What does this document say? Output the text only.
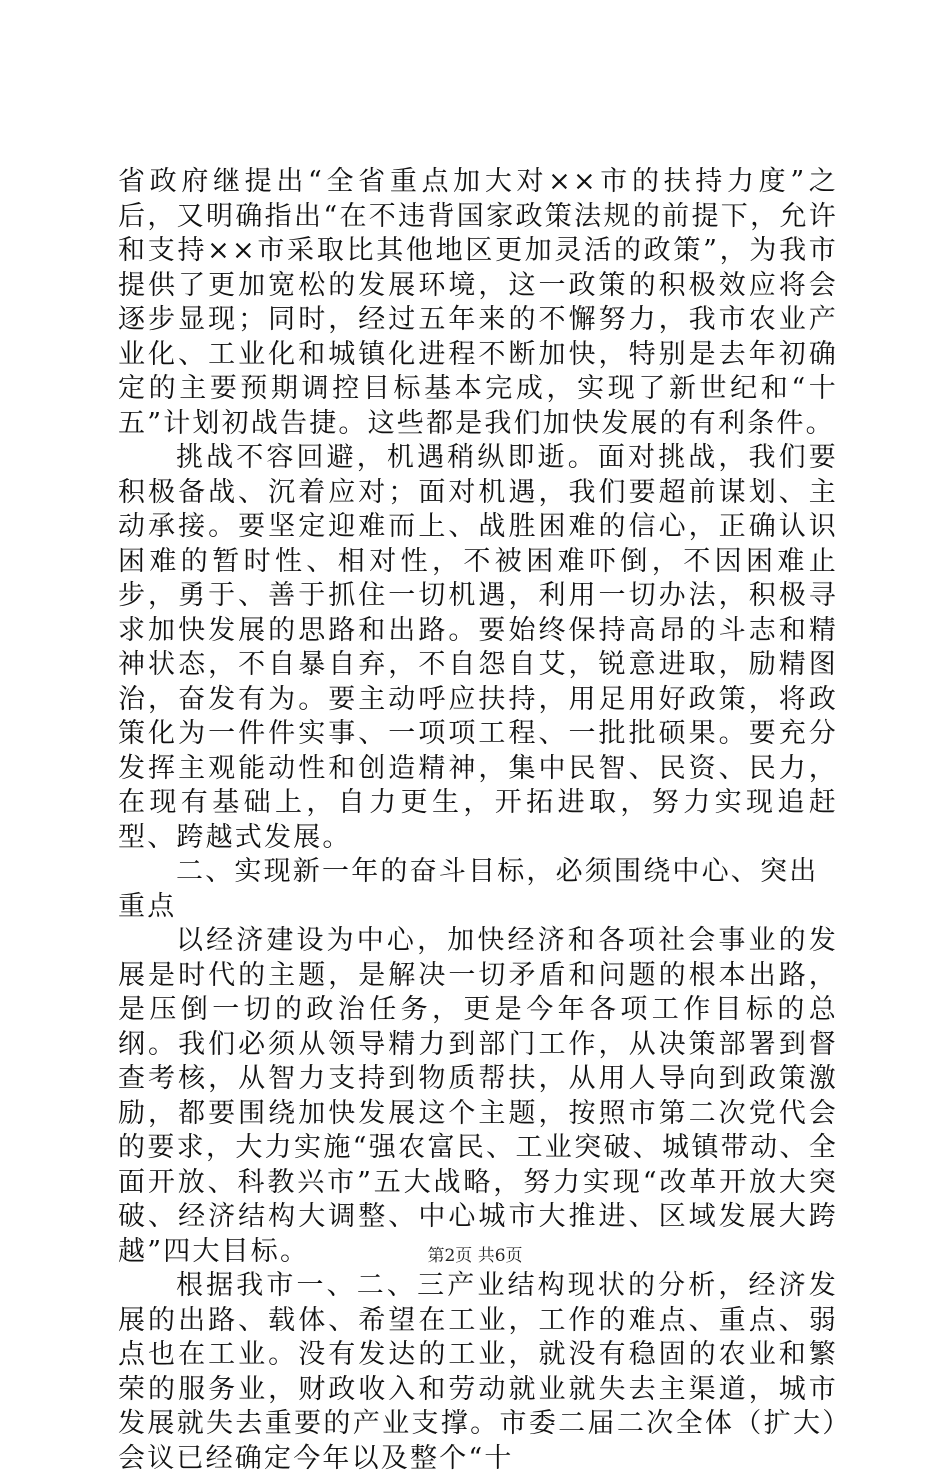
省政府继提出“全省重点加大对××市的扶持力度”之后，又明确指出“在不违背国家政策法规的前提下，允许和支持××市采取比其他地区更加灵活的政策”，为我市提供了更加宽松的发展环境，这一政策的积极效应将会逐步显现；同时，经过五年来的不懈努力，我市农业产业化、工业化和城镇化进程不断加快，特别是去年初确定的主要预期调控目标基本完成，实现了新世纪和“十五”计划初战告捷。这些都是我们加快发展的有利条件。

挑战不容回避，机遇稍纵即逝。面对挑战，我们要积极备战、沉着应对；面对机遇，我们要超前谋划、主动承接。要坚定迎难而上、战胜困难的信心，正确认识困难的暂时性、相对性，不被困难吓倒，不因困难止步，勇于、善于抓住一切机遇，利用一切办法，积极寻求加快发展的思路和出路。要始终保持高昂的斗志和精神状态，不自暴自弃，不自怨自艾，锐意进取，励精图治，奋发有为。要主动呼应扶持，用足用好政策，将政策化为一件件实事、一项项工程、一批批硕果。要充分发挥主观能动性和创造精神，集中民智、民资、民力，在现有基础上，自力更生，开拓进取，努力实现追赶型、跨越式发展。

二、实现新一年的奋斗目标，必须围绕中心、突出重点

以经济建设为中心，加快经济和各项社会事业的发展是时代的主题，是解决一切矛盾和问题的根本出路，是压倒一切的政治任务，更是今年各项工作目标的总纲。我们必须从领导精力到部门工作，从决策部署到督查考核，从智力支持到物质帮扶，从用人导向到政策激励，都要围绕加快发展这个主题，按照市第二次党代会的要求，大力实施“强农富民、工业突破、城镇带动、全面开放、科教兴市”五大战略，努力实现“改革开放大突破、经济结构大调整、中心城市大推进、区域发展大跨越”四大目标。

根据我市一、二、三产业结构现状的分析，经济发展的出路、载体、希望在工业，工作的难点、重点、弱点也在工业。没有发达的工业，就没有稳固的农业和繁荣的服务业，财政收入和劳动就业就失去主渠道，城市发展就失去重要的产业支撑。市委二届二次全体（扩大）会议已经确定今年以及整个“十

第2页 共6页
